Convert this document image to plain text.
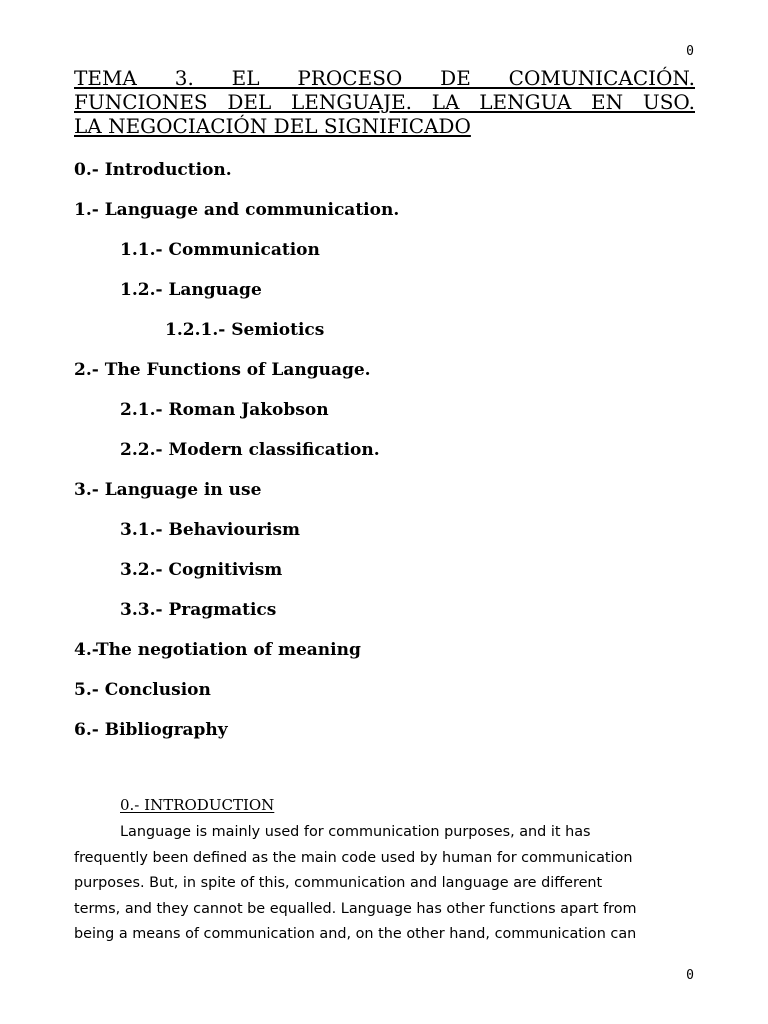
0
TEMA 3. EL PROCESO DE COMUNICACIÓN.
FUNCIONES DEL LENGUAJE. LA LENGUA EN USO.
LA NEGOCIACIÓN DEL SIGNIFICADO
0.- Introduction.
1.- Language and communication.
1.1.- Communication
1.2.- Language
1.2.1.- Semiotics
2.- The Functions of Language.
2.1.- Roman Jakobson
2.2.- Modern classification.
3.- Language in use
3.1.- Behaviourism
3.2.- Cognitivism
3.3.- Pragmatics
4.-The negotiation of meaning
5.- Conclusion
6.- Bibliography
0.- INTRODUCTION

Language is mainly used for communication purposes, and it has
frequently been defined as the main code used by human for communication
purposes. But, in spite of this, communication and language are different
terms, and they cannot be equalled. Language has other functions apart from
being a means of communication and, on the other hand, communication can

0
